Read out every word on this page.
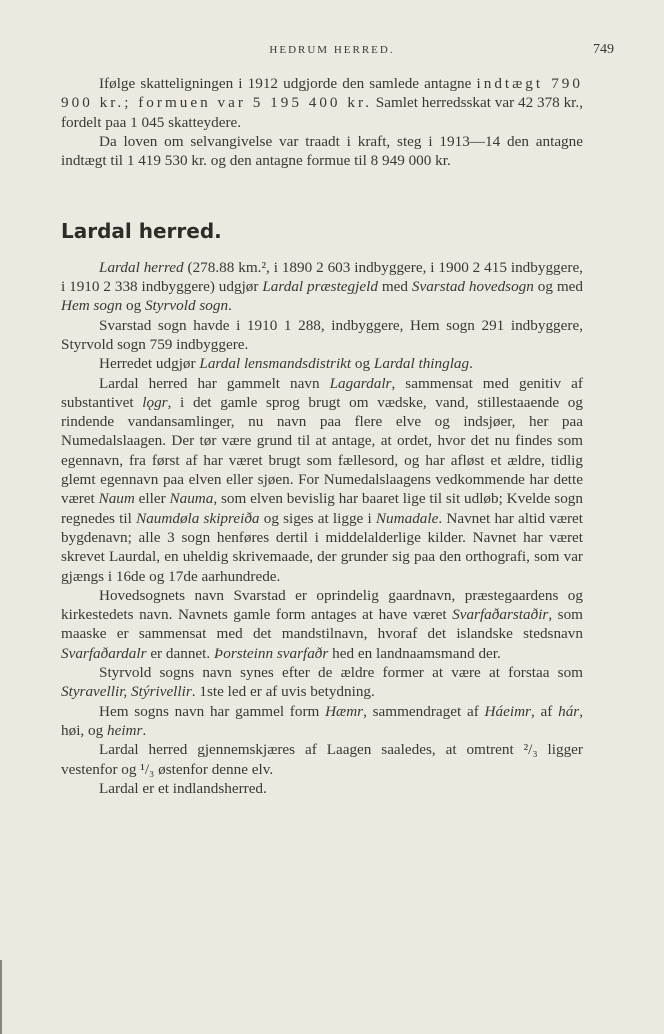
HEDRUM HERRED.	749

Ifølge skatteligningen i 1912 udgjorde den samlede antagne indtægt 790 900 kr.; formuen var 5 195 400 kr. Samlet herredsskat var 42 378 kr., fordelt paa 1 045 skatteydere.

Da loven om selvangivelse var traadt i kraft, steg i 1913—14 den antagne indtægt til 1 419 530 kr. og den antagne formue til 8 949 000 kr.

Lardal herred.

Lardal herred (278.88 km.², i 1890 2 603 indbyggere, i 1900 2 415 indbyggere, i 1910 2 338 indbyggere) udgjør Lardal præstegjeld med Svarstad hovedsogn og med Hem sogn og Styrvold sogn.

Svarstad sogn havde i 1910 1 288, indbyggere, Hem sogn 291 indbyggere, Styrvold sogn 759 indbyggere.

Herredet udgjør Lardal lensmandsdistrikt og Lardal thinglag.

Lardal herred har gammelt navn Lagardalr, sammensat med genitiv af substantivet lǫgr, i det gamle sprog brugt om vædske, vand, stillestaaende og rindende vandansamlinger, nu navn paa flere elve og indsjøer, her paa Numedalslaagen. Der tør være grund til at antage, at ordet, hvor det nu findes som egennavn, fra først af har været brugt som fællesord, og har afløst et ældre, tidlig glemt egennavn paa elven eller sjøen. For Numedalslaagens vedkommende har dette været Naum eller Nauma, som elven bevislig har baaret lige til sit udløb; Kvelde sogn regnedes til Naumdøla skipreiða og siges at ligge i Numadale. Navnet har altid været bygdenavn; alle 3 sogn henføres dertil i middelalderlige kilder. Navnet har været skrevet Laurdal, en uheldig skrivemaade, der grunder sig paa den orthografi, som var gjængs i 16de og 17de aarhundrede.

Hovedsognets navn Svarstad er oprindelig gaardnavn, præstegaardens og kirkestedets navn. Navnets gamle form antages at have været Svarfaðarstaðir, som maaske er sammensat med det mandstilnavn, hvoraf det islandske stedsnavn Svarfaðardalr er dannet. Þorsteinn svarfaðr hed en landnaamsmand der.

Styrvold sogns navn synes efter de ældre former at være at forstaa som Styravellir, Stýrivellir. 1ste led er af uvis betydning.

Hem sogns navn har gammel form Hæmr, sammendraget af Háeimr, af hár, høi, og heimr.

Lardal herred gjennemskjæres af Laagen saaledes, at omtrent ²/₃ ligger vestenfor og ¹/₃ østenfor denne elv.

Lardal er et indlandsherred.
